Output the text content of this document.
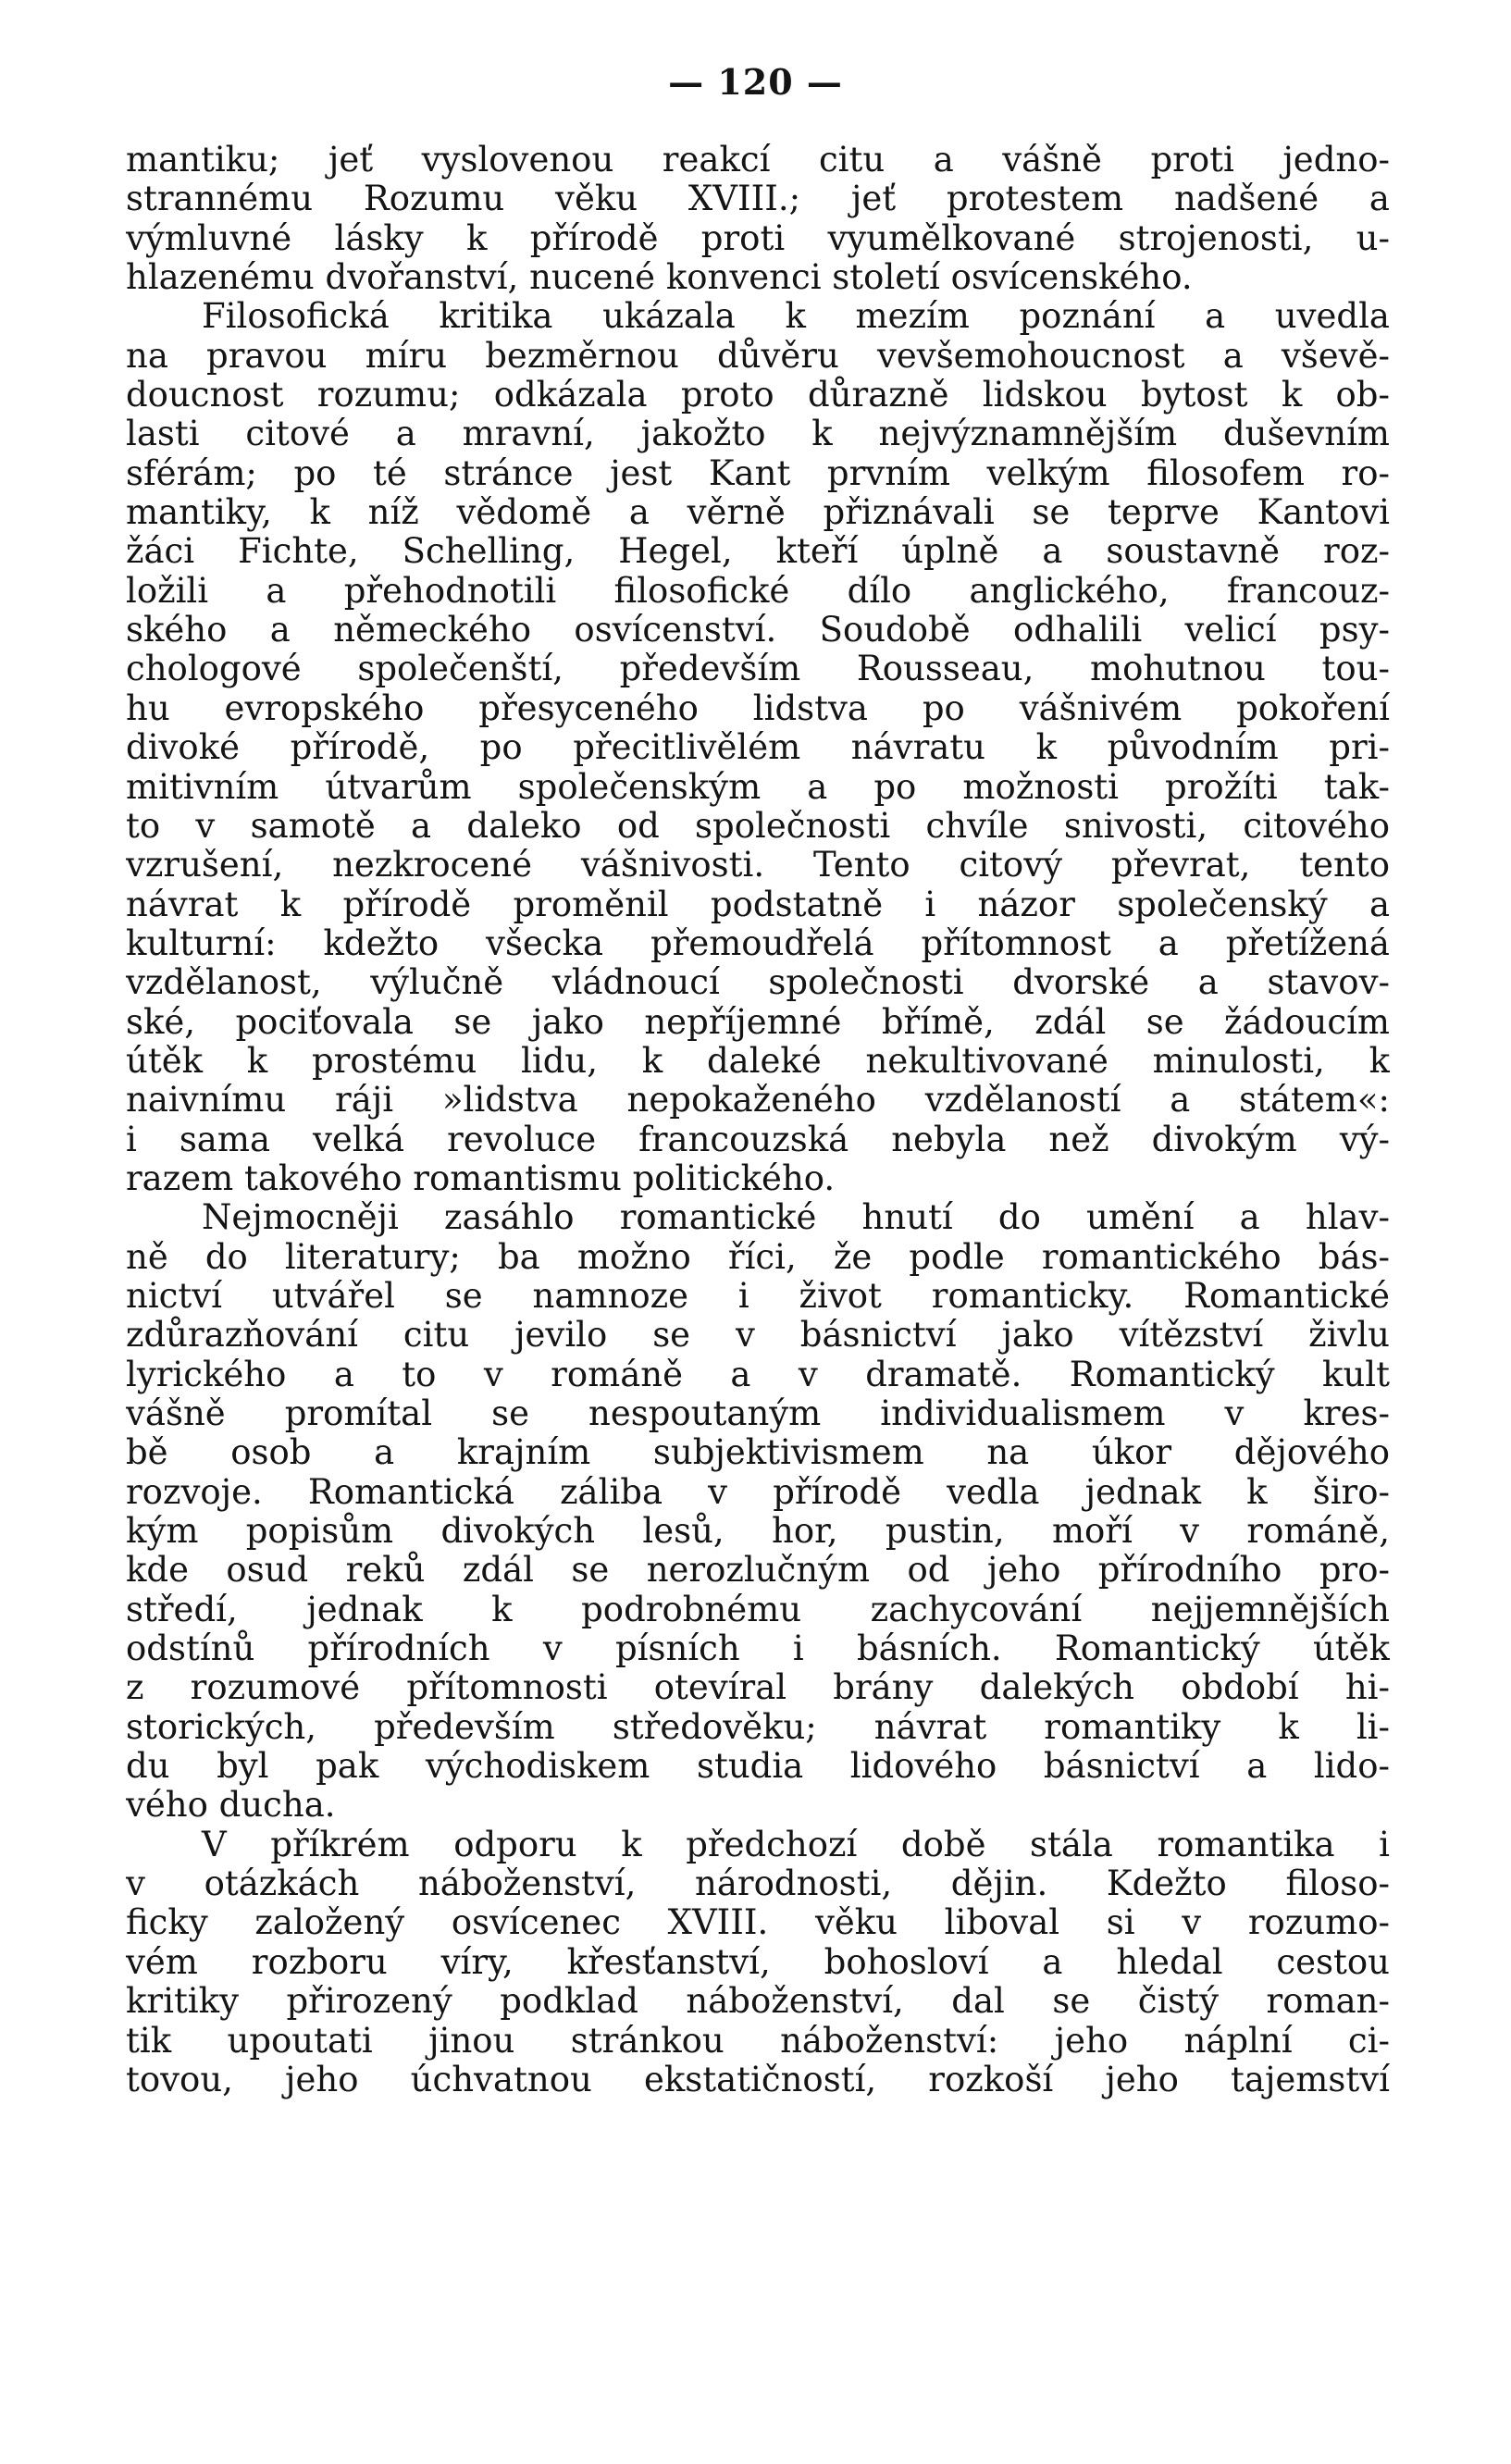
— 120 —
mantiku; jeť vyslovenou reakcí citu a vášně proti jedno-
strannému Rozumu věku XVIII.; jeť protestem nadšené a
výmluvné lásky k přírodě proti vyumělkované strojenosti, u-
hlazenému dvořanství, nucené konvenci století osvícenského.
Filosofická kritika ukázala k mezím poznání a uvedla
na pravou míru bezměrnou důvěru vevšemohoucnost a vševě-
doucnost rozumu; odkázala proto důrazně lidskou bytost k ob-
lasti citové a mravní, jakožto k nejvýznamnějším duševním
sférám; po té stránce jest Kant prvním velkým filosofem ro-
mantiky, k níž vědomě a věrně přiznávali se teprve Kantovi
žáci Fichte, Schelling, Hegel, kteří úplně a soustavně roz-
ložili a přehodnotili filosofické dílo anglického, francouz-
ského a německého osvícenství. Soudobě odhalili velicí psy-
chologové společenští, především Rousseau, mohutnou tou-
hu evropského přesyceného lidstva po vášnivém pokoření
divoké přírodě, po přecitlivělém návratu k původním pri-
mitivním útvarům společenským a po možnosti prožíti tak-
to v samotě a daleko od společnosti chvíle snivosti, citového
vzrušení, nezkrocené vášnivosti. Tento citový převrat, tento
návrat k přírodě proměnil podstatně i názor společenský a
kulturní: kdežto všecka přemoudřelá přítomnost a přetížená
vzdělanost, výlučně vládnoucí společnosti dvorské a stavov-
ské, pociťovala se jako nepříjemné břímě, zdál se žádoucím
útěk k prostému lidu, k daleké nekultivované minulosti, k
naivnímu ráji »lidstva nepokaženého vzdělaností a státem«:
i sama velká revoluce francouzská nebyla než divokým vý-
razem takového romantismu politického.
Nejmocněji zasáhlo romantické hnutí do umění a hlav-
ně do literatury; ba možno říci, že podle romantického bás-
nictví utvářel se namnoze i život romanticky. Romantické
zdůrazňování citu jevilo se v básnictví jako vítězství živlu
lyrického a to v románě a v dramatě. Romantický kult
vášně promítal se nespoutaným individualismem v kres-
bě osob a krajním subjektivismem na úkor dějového
rozvoje. Romantická záliba v přírodě vedla jednak k širo-
kým popisům divokých lesů, hor, pustin, moří v románě,
kde osud reků zdál se nerozlučným od jeho přírodního pro-
středí, jednak k podrobnému zachycování nejjemnějších
odstínů přírodních v písních i básních. Romantický útěk
z rozumové přítomnosti otevíral brány dalekých období hi-
storických, především středověku; návrat romantiky k li-
du byl pak východiskem studia lidového básnictví a lido-
vého ducha.
V příkrém odporu k předchozí době stála romantika i
v otázkách náboženství, národnosti, dějin. Kdežto filoso-
ficky založený osvícenec XVIII. věku liboval si v rozumo-
vém rozboru víry, křesťanství, bohosloví a hledal cestou
kritiky přirozený podklad náboženství, dal se čistý roman-
tik upoutati jinou stránkou náboženství: jeho náplní ci-
tovou, jeho úchvatnou ekstatičností, rozkoší jeho tajemství
